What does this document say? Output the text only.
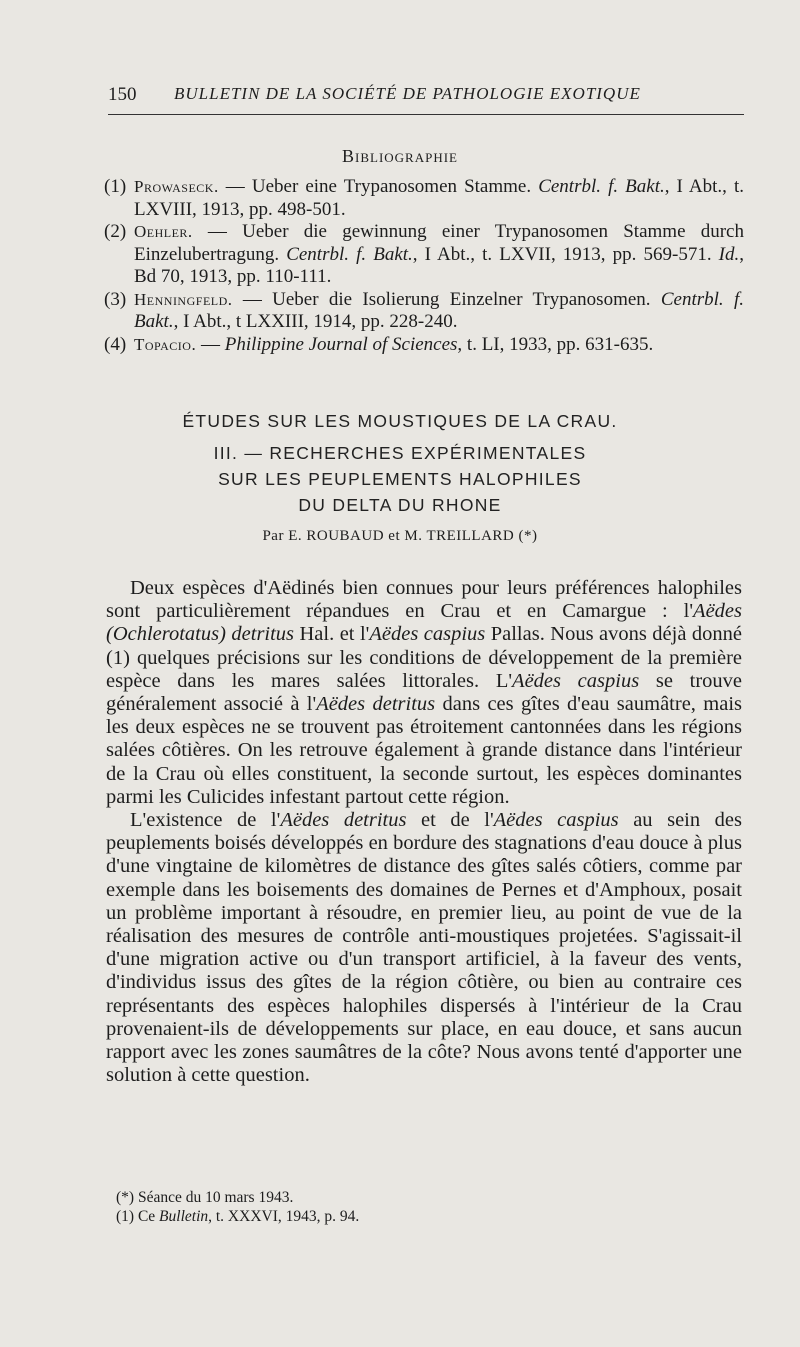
150 BULLETIN DE LA SOCIÉTÉ DE PATHOLOGIE EXOTIQUE
Bibliographie
(1) Prowaseck. — Ueber eine Trypanosomen Stamme. Centrbl. f. Bakt., I Abt., t. LXVIII, 1913, pp. 498-501.
(2) Oehler. — Ueber die gewinnung einer Trypanosomen Stamme durch Einzelubertragung. Centrbl. f. Bakt., I Abt., t. LXVII, 1913, pp. 569-571. Id., Bd 70, 1913, pp. 110-111.
(3) Henningfeld. — Ueber die Isolierung Einzelner Trypanosomen. Centrbl. f. Bakt., I Abt., t LXXIII, 1914, pp. 228-240.
(4) Topacio. — Philippine Journal of Sciences, t. LI, 1933, pp. 631-635.
ÉTUDES SUR LES MOUSTIQUES DE LA CRAU.
III. — RECHERCHES EXPÉRIMENTALES
SUR LES PEUPLEMENTS HALOPHILES
DU DELTA DU RHONE
Par E. ROUBAUD et M. TREILLARD (*)

Deux espèces d'Aëdinés bien connues pour leurs préférences halophiles sont particulièrement répandues en Crau et en Camargue : l'Aëdes (Ochlerotatus) detritus Hal. et l'Aëdes caspius Pallas. Nous avons déjà donné (1) quelques précisions sur les conditions de développement de la première espèce dans les mares salées littorales. L'Aëdes caspius se trouve généralement associé à l'Aëdes detritus dans ces gîtes d'eau saumâtre, mais les deux espèces ne se trouvent pas étroitement cantonnées dans les régions salées côtières. On les retrouve également à grande distance dans l'intérieur de la Crau où elles constituent, la seconde surtout, les espèces dominantes parmi les Culicides infestant partout cette région.

L'existence de l'Aëdes detritus et de l'Aëdes caspius au sein des peuplements boisés développés en bordure des stagnations d'eau douce à plus d'une vingtaine de kilomètres de distance des gîtes salés côtiers, comme par exemple dans les boisements des domaines de Pernes et d'Amphoux, posait un problème important à résoudre, en premier lieu, au point de vue de la réalisation des mesures de contrôle anti-moustiques projetées. S'agissait-il d'une migration active ou d'un transport artificiel, à la faveur des vents, d'individus issus des gîtes de la région côtière, ou bien au contraire ces représentants des espèces halophiles dispersés à l'intérieur de la Crau provenaient-ils de développements sur place, en eau douce, et sans aucun rapport avec les zones saumâtres de la côte? Nous avons tenté d'apporter une solution à cette question.

(*) Séance du 10 mars 1943.
(1) Ce Bulletin, t. XXXVI, 1943, p. 94.
